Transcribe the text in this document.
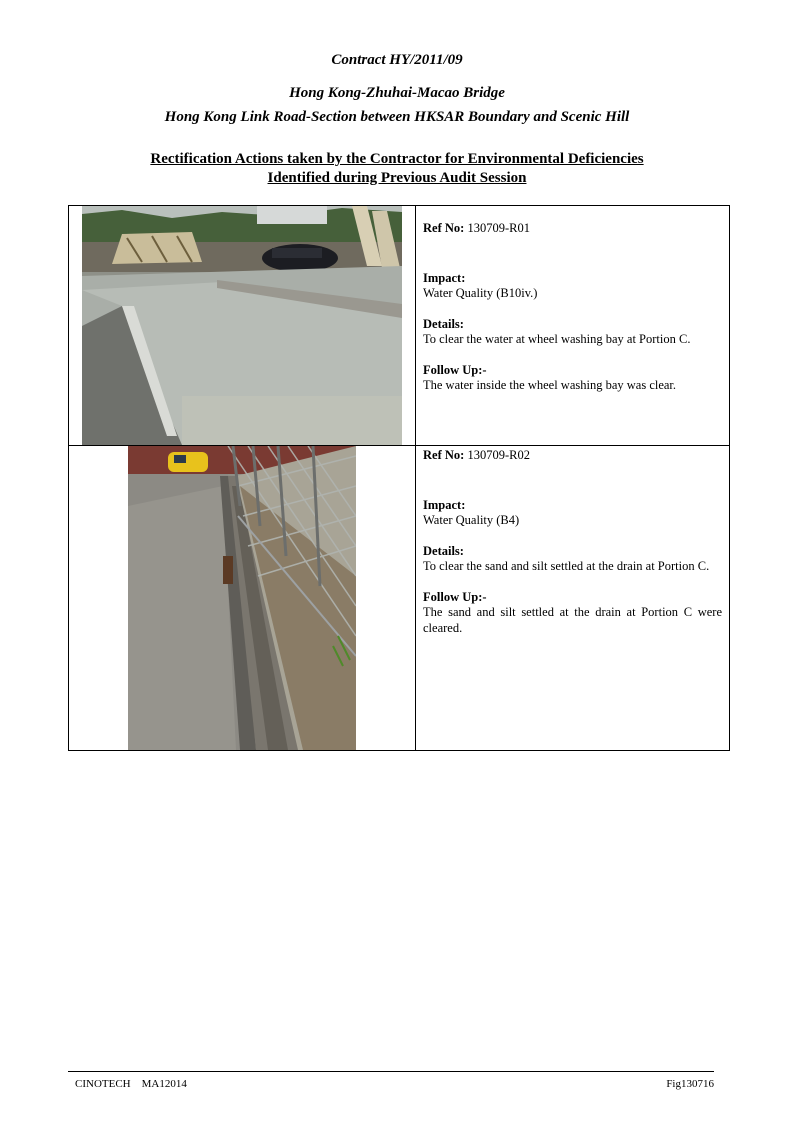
Contract HY/2011/09
Hong Kong-Zhuhai-Macao Bridge
Hong Kong Link Road-Section between HKSAR Boundary and Scenic Hill
Rectification Actions taken by the Contractor for Environmental Deficiencies
Identified during Previous Audit Session
Ref No: 130709-R01
Impact:
Water Quality (B10iv.)
Details:
To clear the water at wheel washing bay at Portion C.
Follow Up:-
The water inside the wheel washing bay was clear.
Ref No: 130709-R02
Impact:
Water Quality (B4)
Details:
To clear the sand and silt settled at the drain at Portion C.
Follow Up:-
The sand and silt settled at the drain at Portion C were cleared.
CINOTECH MA12014	Fig130716
